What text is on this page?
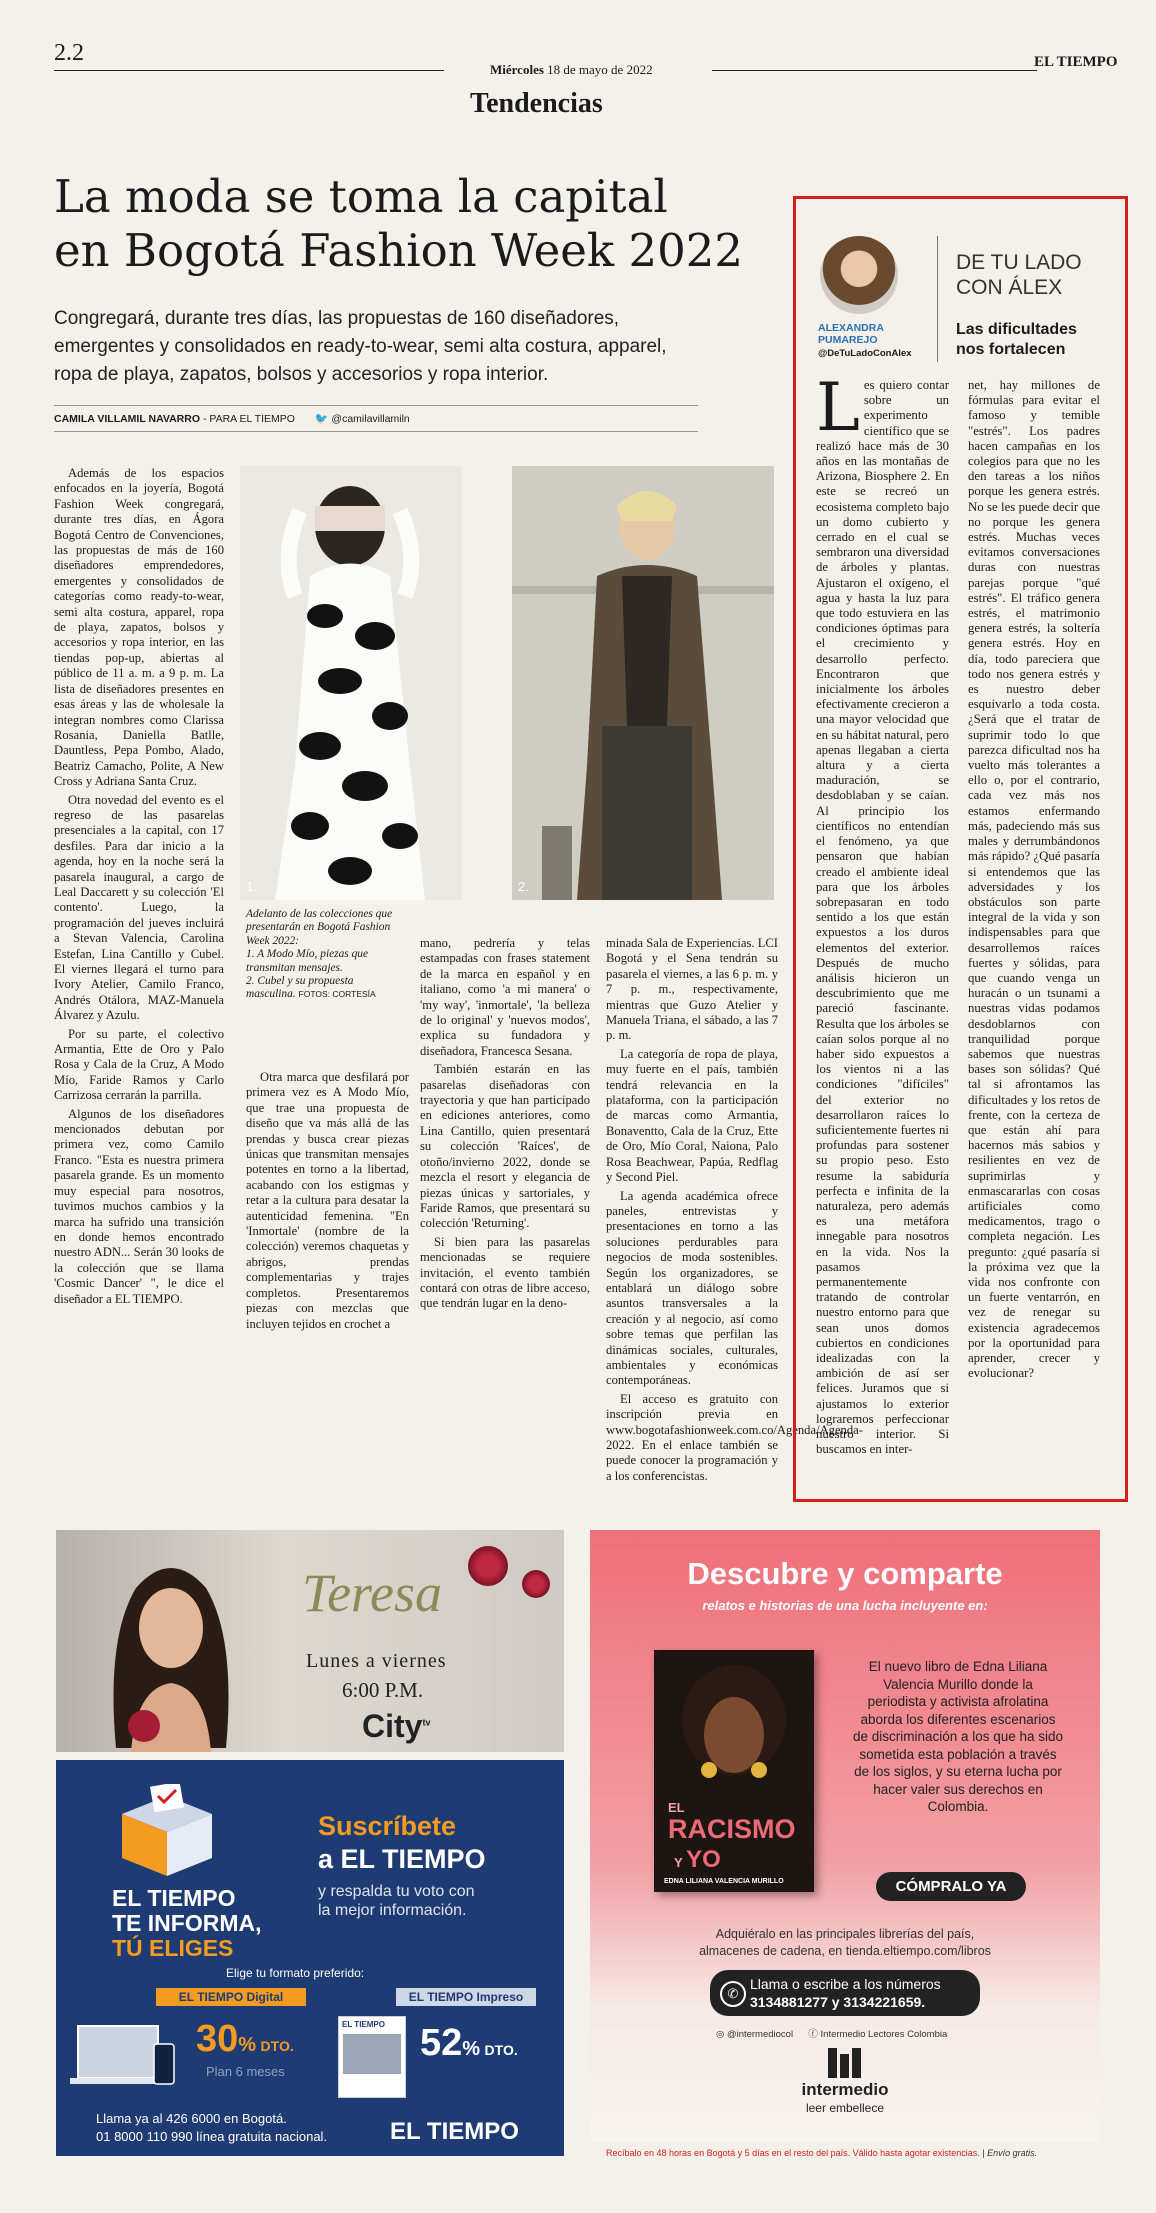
2.2
Miércoles 18 de mayo de 2022	EL TIEMPO
Tendencias
La moda se toma la capital
en Bogotá Fashion Week 2022
Congregará, durante tres días, las propuestas de 160 diseñadores, emergentes y consolidados en ready-to-wear, semi alta costura, apparel, ropa de playa, zapatos, bolsos y accesorios y ropa interior.
CAMILA VILLAMIL NAVARRO - PARA EL TIEMPO 🐦 @camilavillamiln
1.	2.

Además de los espacios enfocados en la joyería, Bogotá Fashion Week congregará, durante tres días, en Ágora Bogotá Centro de Convenciones, las propuestas de más de 160 diseñadores emprendedores, emergentes y consolidados de categorías como ready-to-wear, semi alta costura, apparel, ropa de playa, zapatos, bolsos y accesorios y ropa interior, en las tiendas pop-up, abiertas al público de 11 a. m. a 9 p. m. La lista de diseñadores presentes en esas áreas y las de wholesale la integran nombres como Clarissa Rosania, Daniella Batlle, Dauntless, Pepa Pombo, Alado, Beatriz Camacho, Polite, A New Cross y Adriana Santa Cruz.

Otra novedad del evento es el regreso de las pasarelas presenciales a la capital, con 17 desfiles. Para dar inicio a la agenda, hoy en la noche será la pasarela inaugural, a cargo de Leal Daccarett y su colección 'El contento'. Luego, la programación del jueves incluirá a Stevan Valencia, Carolina Estefan, Lina Cantillo y Cubel. El viernes llegará el turno para Ivory Atelier, Camilo Franco, Andrés Otálora, MAZ-Manuela Álvarez y Azulu.

Por su parte, el colectivo Armantia, Ette de Oro y Palo Rosa y Cala de la Cruz, A Modo Mío, Faride Ramos y Carlo Carrizosa cerrarán la parrilla.

Algunos de los diseñadores mencionados debutan por primera vez, como Camilo Franco. "Esta es nuestra primera pasarela grande. Es un momento muy especial para nosotros, tuvimos muchos cambios y la marca ha sufrido una transición en donde hemos encontrado nuestro ADN... Serán 30 looks de la colección que se llama 'Cosmic Dancer' ", le dice el diseñador a EL TIEMPO.

Adelanto de las colecciones que presentarán en Bogotá Fashion Week 2022:
1. A Modo Mío, piezas que transmitan mensajes.
2. Cubel y su propuesta masculina. FOTOS: CORTESÍA

Otra marca que desfilará por primera vez es A Modo Mío, que trae una propuesta de diseño que va más allá de las prendas y busca crear piezas únicas que transmitan mensajes potentes en torno a la libertad, acabando con los estigmas y retar a la cultura para desatar la autenticidad femenina. "En 'Inmortale' (nombre de la colección) veremos chaquetas y abrigos, prendas complementarias y trajes completos. Presentaremos piezas con mezclas que incluyen tejidos en crochet a

mano, pedrería y telas estampadas con frases statement de la marca en español y en italiano, como 'a mi manera' o 'my way', 'inmortale', 'la belleza de lo original' y 'nuevos modos', explica su fundadora y diseñadora, Francesca Sesana.

También estarán en las pasarelas diseñadoras con trayectoria y que han participado en ediciones anteriores, como Lina Cantillo, quien presentará su colección 'Raíces', de otoño/invierno 2022, donde se mezcla el resort y elegancia de piezas únicas y sartoriales, y Faride Ramos, que presentará su colección 'Returning'.

Si bien para las pasarelas mencionadas se requiere invitación, el evento también contará con otras de libre acceso, que tendrán lugar en la deno-

minada Sala de Experiencias. LCI Bogotá y el Sena tendrán su pasarela el viernes, a las 6 p. m. y 7 p. m., respectivamente, mientras que Guzo Atelier y Manuela Triana, el sábado, a las 7 p. m.

La categoría de ropa de playa, muy fuerte en el país, también tendrá relevancia en la plataforma, con la participación de marcas como Armantia, Bonaventto, Cala de la Cruz, Ette de Oro, Mío Coral, Naiona, Palo Rosa Beachwear, Papúa, Redflag y Second Piel.

La agenda académica ofrece paneles, entrevistas y presentaciones en torno a las soluciones perdurables para negocios de moda sostenibles. Según los organizadores, se entablará un diálogo sobre asuntos transversales a la creación y al negocio, así como sobre temas que perfilan las dinámicas sociales, culturales, ambientales y económicas contemporáneas.

El acceso es gratuito con inscripción previa en www.bogotafashionweek.com.co/Agenda/Agenda-2022. En el enlace también se puede conocer la programación y a los conferencistas.

ALEXANDRA
PUMAREJO
@DeTuLadoConAlex
DE TU LADO
CON ÁLEX
Las dificultades
nos fortalecen
Les quiero contar sobre un experimento científico que se realizó hace más de 30 años en las montañas de Arizona, Biosphere 2. En este se recreó un ecosistema completo bajo un domo cubierto y cerrado en el cual se sembraron una diversidad de árboles y plantas. Ajustaron el oxígeno, el agua y hasta la luz para que todo estuviera en las condiciones óptimas para el crecimiento y desarrollo perfecto. Encontraron que inicialmente los árboles efectivamente crecieron a una mayor velocidad que en su hábitat natural, pero apenas llegaban a cierta altura y a cierta maduración, se desdoblaban y se caían. Al principio los científicos no entendían el fenómeno, ya que pensaron que habían creado el ambiente ideal para que los árboles sobrepasaran en todo sentido a los que están expuestos a los duros elementos del exterior. Después de mucho análisis hicieron un descubrimiento que me pareció fascinante. Resulta que los árboles se caían solos porque al no haber sido expuestos a los vientos ni a las condiciones "difíciles" del exterior no desarrollaron raíces lo suficientemente fuertes ni profundas para sostener su propio peso. Esto resume la sabiduría perfecta e infinita de la naturaleza, pero además es una metáfora innegable para nosotros en la vida. Nos la pasamos permanentemente tratando de controlar nuestro entorno para que sean unos domos cubiertos en condiciones idealizadas con la ambición de así ser felices. Juramos que si ajustamos lo exterior lograremos perfeccionar nuestro interior. Si buscamos en inter-
net, hay millones de fórmulas para evitar el famoso y temible "estrés". Los padres hacen campañas en los colegios para que no les den tareas a los niños porque les genera estrés. No se les puede decir que no porque les genera estrés. Muchas veces evitamos conversaciones duras con nuestras parejas porque "qué estrés". El tráfico genera estrés, el matrimonio genera estrés, la soltería genera estrés. Hoy en día, todo pareciera que todo nos genera estrés y es nuestro deber esquivarlo a toda costa. ¿Será que el tratar de suprimir todo lo que parezca dificultad nos ha vuelto más tolerantes a ello o, por el contrario, cada vez más nos estamos enfermando más, padeciendo más sus males y derrumbándonos más rápido? ¿Qué pasaría si entendemos que las adversidades y los obstáculos son parte integral de la vida y son indispensables para que desarrollemos raíces fuertes y sólidas, para que cuando venga un huracán o un tsunami a nuestras vidas podamos desdoblarnos con tranquilidad porque sabemos que nuestras bases son sólidas? Qué tal si afrontamos las dificultades y los retos de frente, con la certeza de que están ahí para hacernos más sabios y resilientes en vez de suprimirlas y enmascararlas con cosas artificiales como medicamentos, trago o completa negación. Les pregunto: ¿qué pasaría si la próxima vez que la vida nos confronte con un fuerte ventarrón, en vez de renegar su existencia agradecemos por la oportunidad para aprender, crecer y evolucionar?
Teresa
Lunes a viernes
6:00 P.M.
City$^{tv}$
EL TIEMPO
TE INFORMA,
TÚ ELIGES
Suscríbete
a EL TIEMPO
y respalda tu voto con
la mejor información.
Elige tu formato preferido:
EL TIEMPO Digital
30% DTO.
Plan 6 meses
EL TIEMPO Impreso
EL TIEMPO 52% DTO.
Llama ya al 426 6000 en Bogotá.
01 8000 110 990 línea gratuita nacional.	EL TIEMPO
Descubre y comparte
relatos e historias de una lucha incluyente en:
EL
RACISMO
Y YO
EDNA LILIANA VALENCIA MURILLO
El nuevo libro de Edna Liliana Valencia Murillo donde la periodista y activista afrolatina aborda los diferentes escenarios de discriminación a los que ha sido sometida esta población a través de los siglos, y su eterna lucha por hacer valer sus derechos en Colombia.
CÓMPRALO YA
Adquiéralo en las principales librerías del país,
almacenes de cadena, en tienda.eltiempo.com/libros
✆
Llama o escribe a los números
3134881277 y 3134221659.
◎ @intermediocol ⓕ Intermedio Lectores Colombia
intermedio
leer embellece
Recíbalo en 48 horas en Bogotá y 5 días en el resto del país. Válido hasta agotar existencias. | Envío gratis.
